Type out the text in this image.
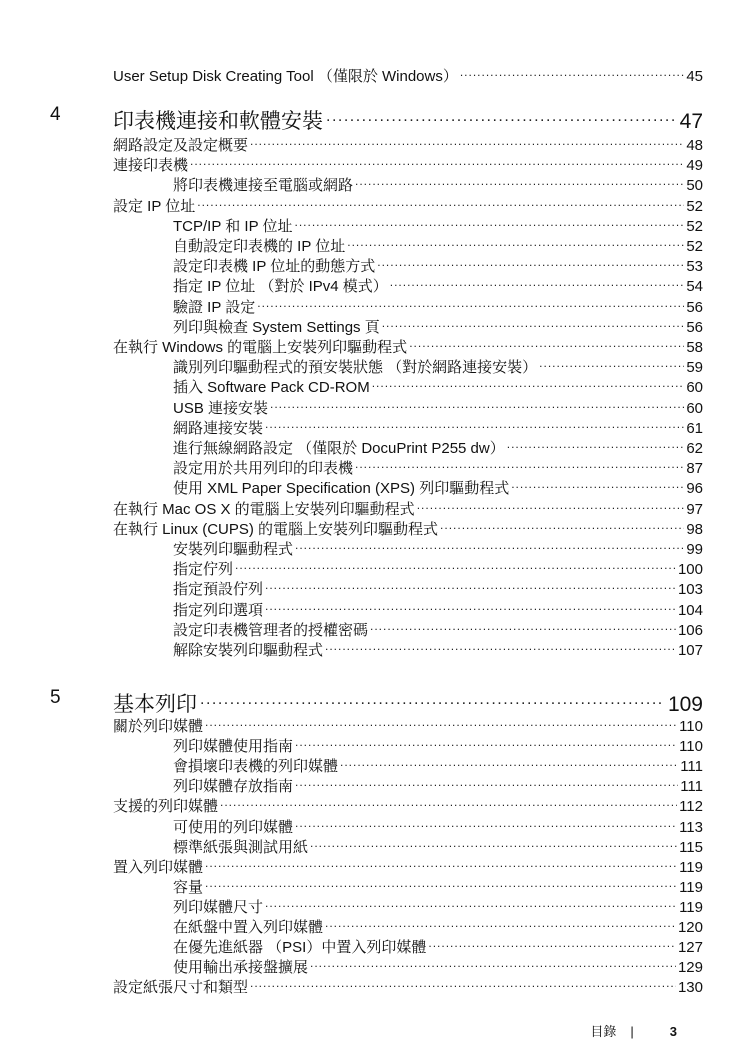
User Setup Disk Creating Tool （僅限於 Windows） .....	45
4 印表機連接和軟體安裝 .....	47
網路設定及設定概要 .....	48
連接印表機 .....	49
將印表機連接至電腦或網路 .....	50
設定 IP 位址 .....	52
TCP/IP 和 IP 位址 .....	52
自動設定印表機的 IP 位址 .....	52
設定印表機 IP 位址的動態方式 .....	53
指定 IP 位址 （對於 IPv4 模式） .....	54
驗證 IP 設定 .....	56
列印與檢查 System Settings 頁 .....	56
在執行 Windows 的電腦上安裝列印驅動程式 .....	58
識別列印驅動程式的預安裝狀態 （對於網路連接安裝） .....	59
插入 Software Pack CD-ROM .....	60
USB 連接安裝 .....	60
網路連接安裝 .....	61
進行無線網路設定 （僅限於 DocuPrint P255 dw） .....	62
設定用於共用列印的印表機 .....	87
使用 XML Paper Specification (XPS) 列印驅動程式 .....	96
在執行 Mac OS X 的電腦上安裝列印驅動程式 .....	97
在執行 Linux (CUPS) 的電腦上安裝列印驅動程式 .....	98
安裝列印驅動程式 .....	99
指定佇列 .....	100
指定預設佇列 .....	103
指定列印選項 .....	104
設定印表機管理者的授權密碼 .....	106
解除安裝列印驅動程式 .....	107
5 基本列印 .....	109
關於列印媒體 .....	110
列印媒體使用指南 .....	110
會損壞印表機的列印媒體 .....	111
列印媒體存放指南 .....	111
支援的列印媒體 .....	112
可使用的列印媒體 .....	113
標準紙張與測試用紙 .....	115
置入列印媒體 .....	119
容量 .....	119
列印媒體尺寸 .....	119
在紙盤中置入列印媒體 .....	120
在優先進紙器 （PSI）中置入列印媒體 .....	127
使用輸出承接盤擴展 .....	129
設定紙張尺寸和類型 .....	130
目錄 |	3
